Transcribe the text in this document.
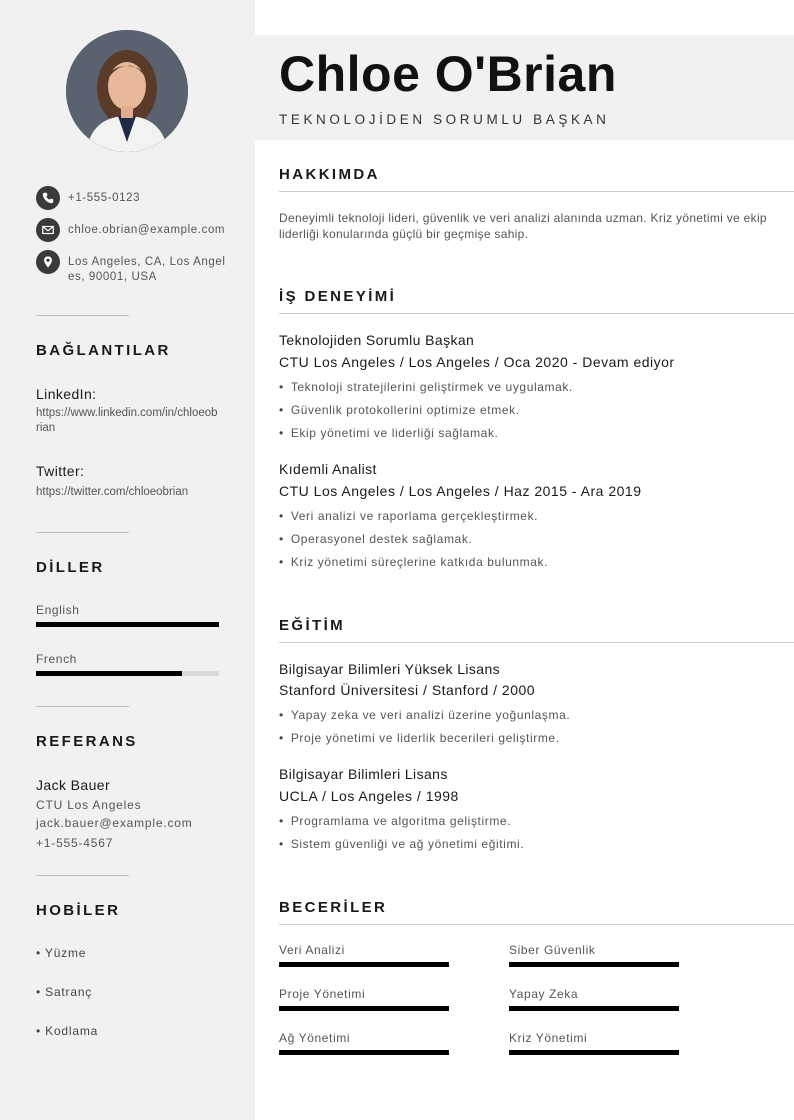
+1-555-0123
chloe.obrian@example.com
Los Angeles, CA, Los Angeles, 90001, USA
BAĞLANTILAR
LinkedIn:
https://www.linkedin.com/in/chloeobrian
Twitter:
https://twitter.com/chloeobrian
DİLLER
English
French
REFERANS
Jack Bauer
CTU Los Angeles
jack.bauer@example.com
+1-555-4567
HOBİLER
• Yüzme
• Satranç
• Kodlama
Chloe O'Brian
TEKNOLOJİDEN SORUMLU BAŞKAN
HAKKIMDA
Deneyimli teknoloji lideri, güvenlik ve veri analizi alanında uzman. Kriz yönetimi ve ekip liderliği konularında güçlü bir geçmişe sahip.
İŞ DENEYİMİ
Teknolojiden Sorumlu Başkan
CTU Los Angeles / Los Angeles / Oca 2020 - Devam ediyor
• Teknoloji stratejilerini geliştirmek ve uygulamak.
• Güvenlik protokollerini optimize etmek.
• Ekip yönetimi ve liderliği sağlamak.
Kıdemli Analist
CTU Los Angeles / Los Angeles / Haz 2015 - Ara 2019
• Veri analizi ve raporlama gerçekleştirmek.
• Operasyonel destek sağlamak.
• Kriz yönetimi süreçlerine katkıda bulunmak.
EĞİTİM
Bilgisayar Bilimleri Yüksek Lisans
Stanford Üniversitesi / Stanford / 2000
• Yapay zeka ve veri analizi üzerine yoğunlaşma.
• Proje yönetimi ve liderlik becerileri geliştirme.
Bilgisayar Bilimleri Lisans
UCLA / Los Angeles / 1998
• Programlama ve algoritma geliştirme.
• Sistem güvenliği ve ağ yönetimi eğitimi.
BECERİLER
Veri Analizi	Siber Güvenlik
Proje Yönetimi	Yapay Zeka
Ağ Yönetimi	Kriz Yönetimi
